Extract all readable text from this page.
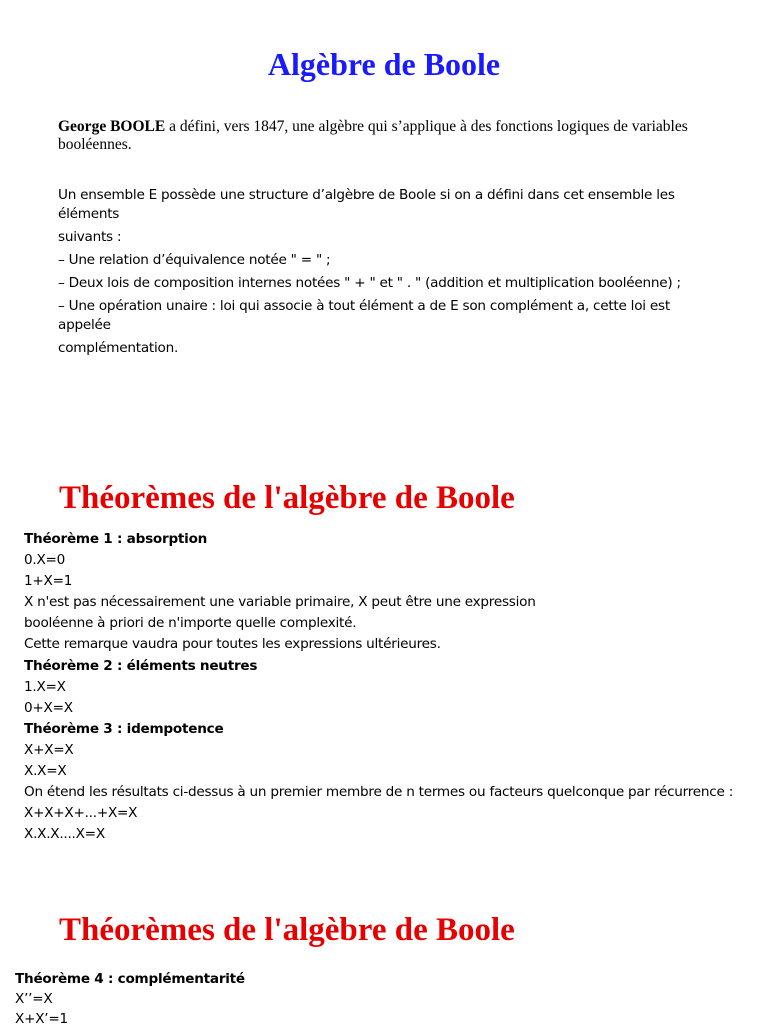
Algèbre de Boole
George BOOLE a défini, vers 1847, une algèbre qui s’applique à des fonctions logiques de variables booléennes.

Un ensemble E possède une structure d’algèbre de Boole si on a défini dans cet ensemble les éléments

suivants :

– Une relation d’équivalence notée " = " ;

– Deux lois de composition internes notées " + " et " . " (addition et multiplication booléenne) ;

– Une opération unaire : loi qui associe à tout élément a de E son complément a, cette loi est appelée

complémentation.

Théorèmes de l'algèbre de Boole

Théorème 1 : absorption

0.X=0

1+X=1

X n'est pas nécessairement une variable primaire, X peut être une expression

booléenne à priori de n'importe quelle complexité.

Cette remarque vaudra pour toutes les expressions ultérieures.

Théorème 2 : éléments neutres

1.X=X

0+X=X

Théorème 3 : idempotence

X+X=X

X.X=X

On étend les résultats ci-dessus à un premier membre de n termes ou facteurs quelconque par récurrence :

X+X+X+...+X=X

X.X.X....X=X

Théorèmes de l'algèbre de Boole

Théorème 4 : complémentarité

X’’=X

X+X’=1
